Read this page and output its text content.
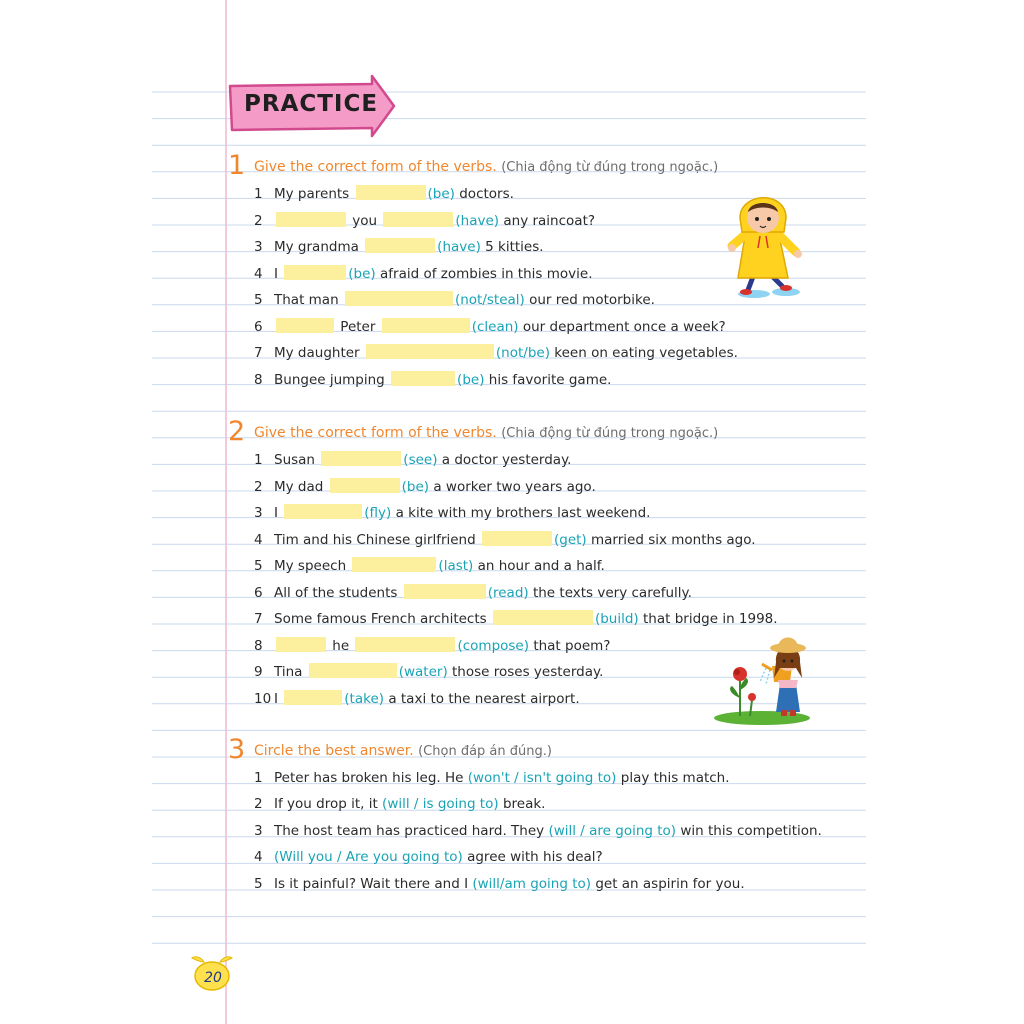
PRACTICE
1 Give the correct form of the verbs. (Chia động từ đúng trong ngoặc.)
1 My parents	(be) doctors.
2	you	(have) any raincoat?
3 My grandma	(have) 5 kitties.
4 I	(be) afraid of zombies in this movie.
5 That man	(not/steal) our red motorbike.
6	Peter	(clean) our department once a week?
7 My daughter	(not/be) keen on eating vegetables.
8 Bungee jumping	(be) his favorite game.
2 Give the correct form of the verbs. (Chia động từ đúng trong ngoặc.)
1 Susan	(see) a doctor yesterday.
2 My dad	(be) a worker two years ago.
3 I	(fly) a kite with my brothers last weekend.
4 Tim and his Chinese girlfriend	(get) married six months ago.
5 My speech	(last) an hour and a half.
6 All of the students	(read) the texts very carefully.
7 Some famous French architects	(build) that bridge in 1998.
8	he	(compose) that poem?
9 Tina	(water) those roses yesterday.
10 I	(take) a taxi to the nearest airport.
3 Circle the best answer. (Chọn đáp án đúng.)
1 Peter has broken his leg. He (won't / isn't going to) play this match.
2 If you drop it, it (will / is going to) break.
3 The host team has practiced hard. They (will / are going to) win this competition.
4 (Will you / Are you going to) agree with his deal?
5 Is it painful? Wait there and I (will/am going to) get an aspirin for you.
20
